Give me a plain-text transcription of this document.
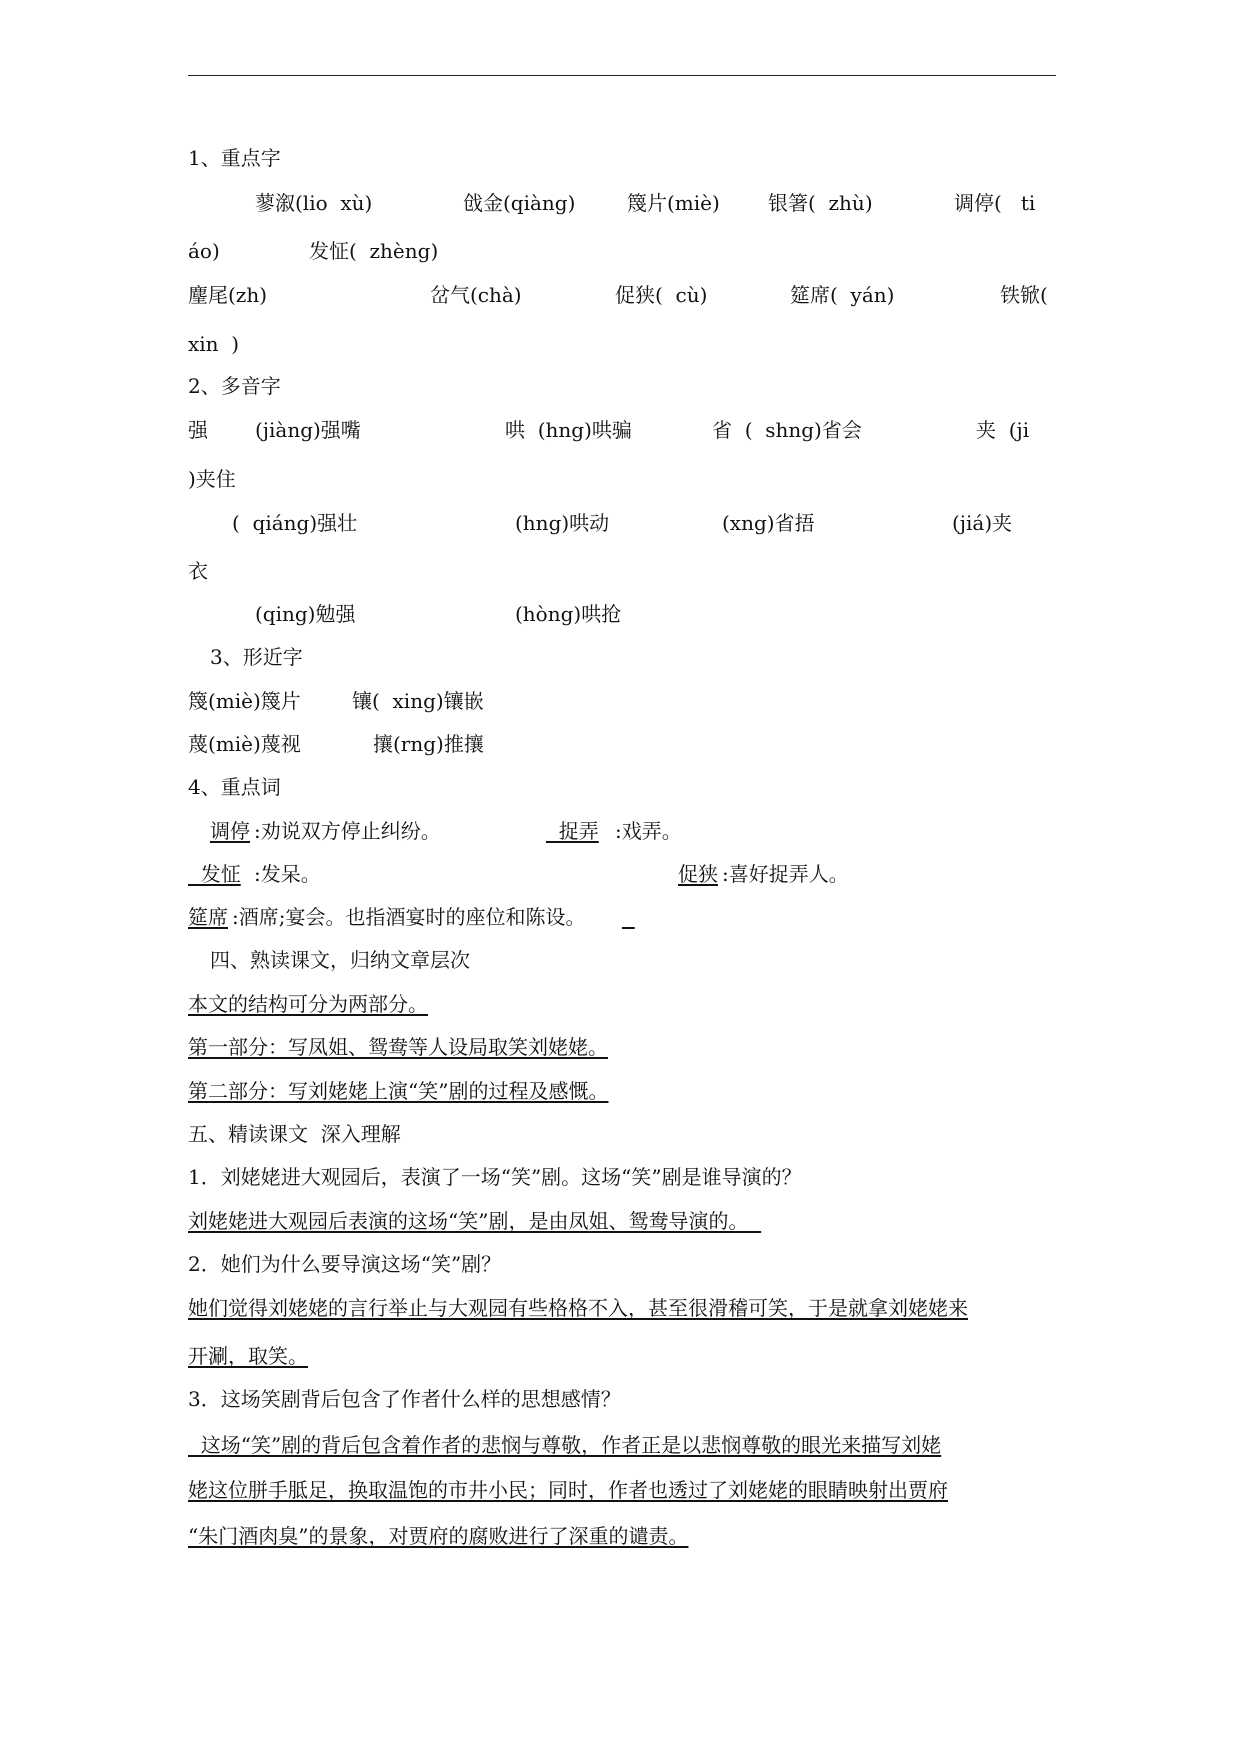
1、重点字
蓼溆(lio  xù)	戗金(qiàng)	篾片(miè) 银箸(  zhù)	调停(   ti
áo)	发怔(  zhèng)
麈尾(zh)	岔气(chà)	促狭(  cù)	筵席(  yán)	铁锨(
xin  )
2、多音字
强 (jiàng)强嘴	哄  (hng)哄骗	省  (  shng)省会	夹  (ji
)夹住
(  qiáng)强壮	(hng)哄动	(xng)省捂	(jiá)夹
衣
(qing)勉强	(hòng)哄抢
3、形近字
篾(miè)篾片	镶(  xing)镶嵌
蔑(miè)蔑视	攘(rng)推攘
4、重点词
调停 :劝说双方停止纠纷。	捉弄 :戏弄。
发怔 :发呆。	促狭 :喜好捉弄人。
筵席 :酒席;宴会。也指酒宴时的座位和陈设。

四、熟读课文，归纳文章层次
本文的结构可分为两部分。
第一部分：写凤姐、鸳鸯等人设局取笑刘姥姥。
第二部分：写刘姥姥上演“笑”剧的过程及感慨。
五、精读课文  深入理解
1．刘姥姥进大观园后，表演了一场“笑”剧。这场“笑”剧是谁导演的？
刘姥姥进大观园后表演的这场“笑”剧，是由凤姐、鸳鸯导演的。
2．她们为什么要导演这场“笑”剧？
她们觉得刘姥姥的言行举止与大观园有些格格不入，甚至很滑稽可笑，于是就拿刘姥姥来
开涮，取笑。
3．这场笑剧背后包含了作者什么样的思想感情？
这场“笑”剧的背后包含着作者的悲悯与尊敬，作者正是以悲悯尊敬的眼光来描写刘姥
姥这位胼手胝足，换取温饱的市井小民；同时，作者也透过了刘姥姥的眼睛映射出贾府
“朱门酒肉臭”的景象，对贾府的腐败进行了深重的谴责。
